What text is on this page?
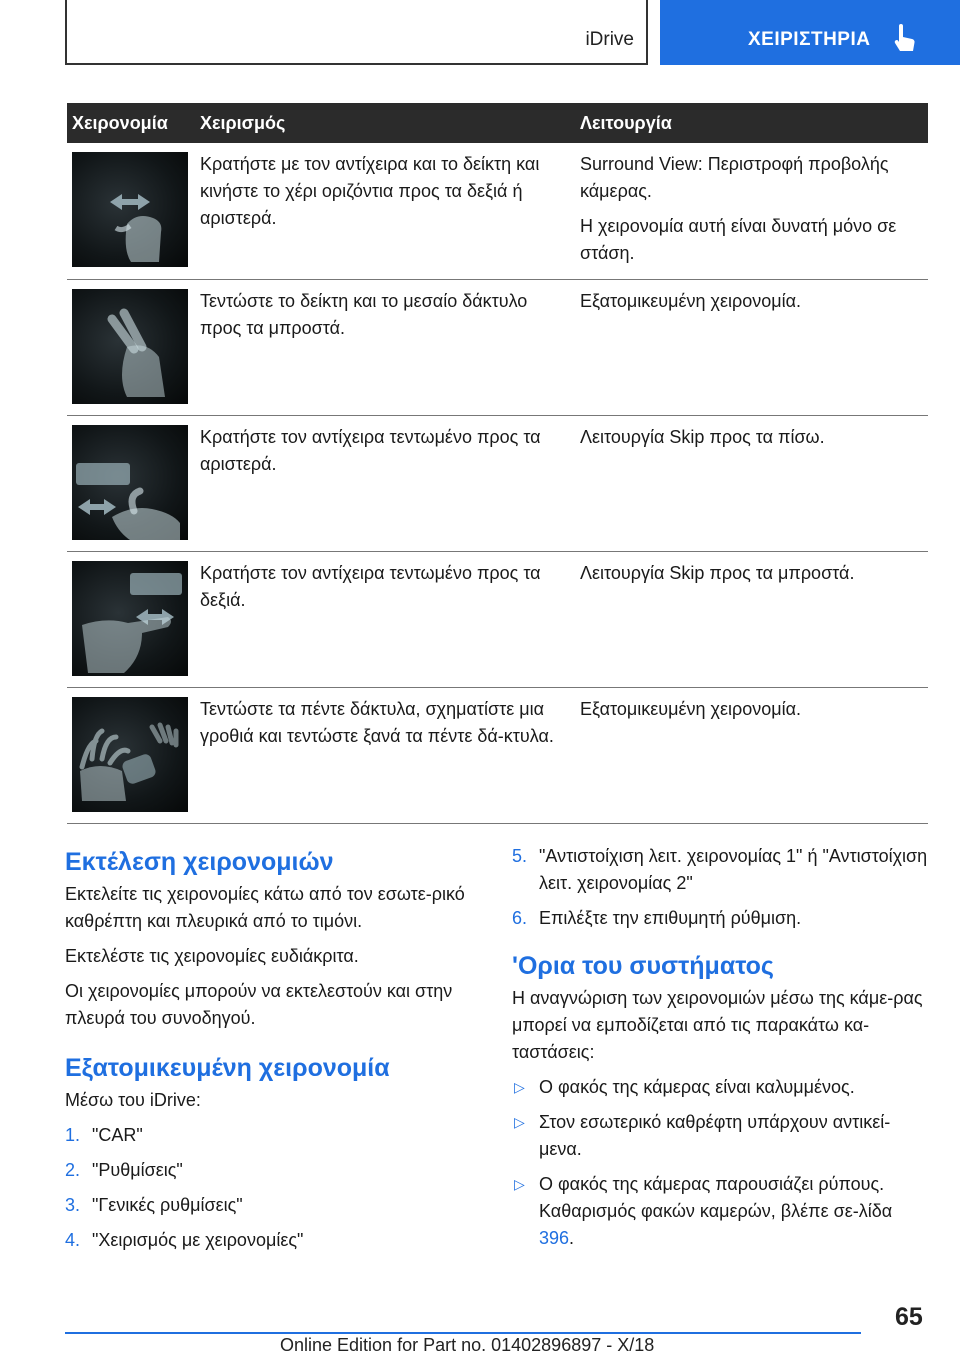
iDrive	ΧΕΙΡΙΣΤΗΡΙΑ
Χειρονομία	Χειρισμός	Λειτουργία

	Κρατήστε με τον αντίχειρα και το δείκτη και κινήστε το χέρι οριζόντια προς τα δεξιά ή αριστερά.	Surround View: Περιστροφή προβολής κάμερας.

Η χειρονομία αυτή είναι δυνατή μόνο σε στάση.

	Τεντώστε το δείκτη και το μεσαίο δάκτυλο προς τα μπροστά.	Εξατομικευμένη χειρονομία.

	Κρατήστε τον αντίχειρα τεντωμένο προς τα αριστερά.	Λειτουργία Skip προς τα πίσω.

	Κρατήστε τον αντίχειρα τεντωμένο προς τα δεξιά.	Λειτουργία Skip προς τα μπροστά.

	Τεντώστε τα πέντε δάκτυλα, σχηματίστε μια γροθιά και τεντώστε ξανά τα πέντε δά-κτυλα.	Εξατομικευμένη χειρονομία.

Εκτέλεση χειρονομιών

Εκτελείτε τις χειρονομίες κάτω από τον εσωτε-ρικό καθρέπτη και πλευρικά από το τιμόνι.

Εκτελέστε τις χειρονομίες ευδιάκριτα.

Οι χειρονομίες μπορούν να εκτελεστούν και στην πλευρά του συνοδηγού.

Εξατομικευμένη χειρονομία

Μέσω του iDrive:

1. "CAR"
2. "Ρυθμίσεις"
3. "Γενικές ρυθμίσεις"
4. "Χειρισμός με χειρονομίες"
5. "Αντιστοίχιση λειτ. χειρονομίας 1" ή "Αντιστοίχιση λειτ. χειρονομίας 2"
6. Επιλέξτε την επιθυμητή ρύθμιση.
'Ορια του συστήματος

Η αναγνώριση των χειρονομιών μέσω της κάμε-ρας μπορεί να εμποδίζεται από τις παρακάτω κα-ταστάσεις:

▷ Ο φακός της κάμερας είναι καλυμμένος.
▷ Στον εσωτερικό καθρέφτη υπάρχουν αντικεί-μενα.
▷ Ο φακός της κάμερας παρουσιάζει ρύπους. Καθαρισμός φακών καμερών, βλέπε σε-λίδα 396.
65
Online Edition for Part no. 01402896897 - X/18
